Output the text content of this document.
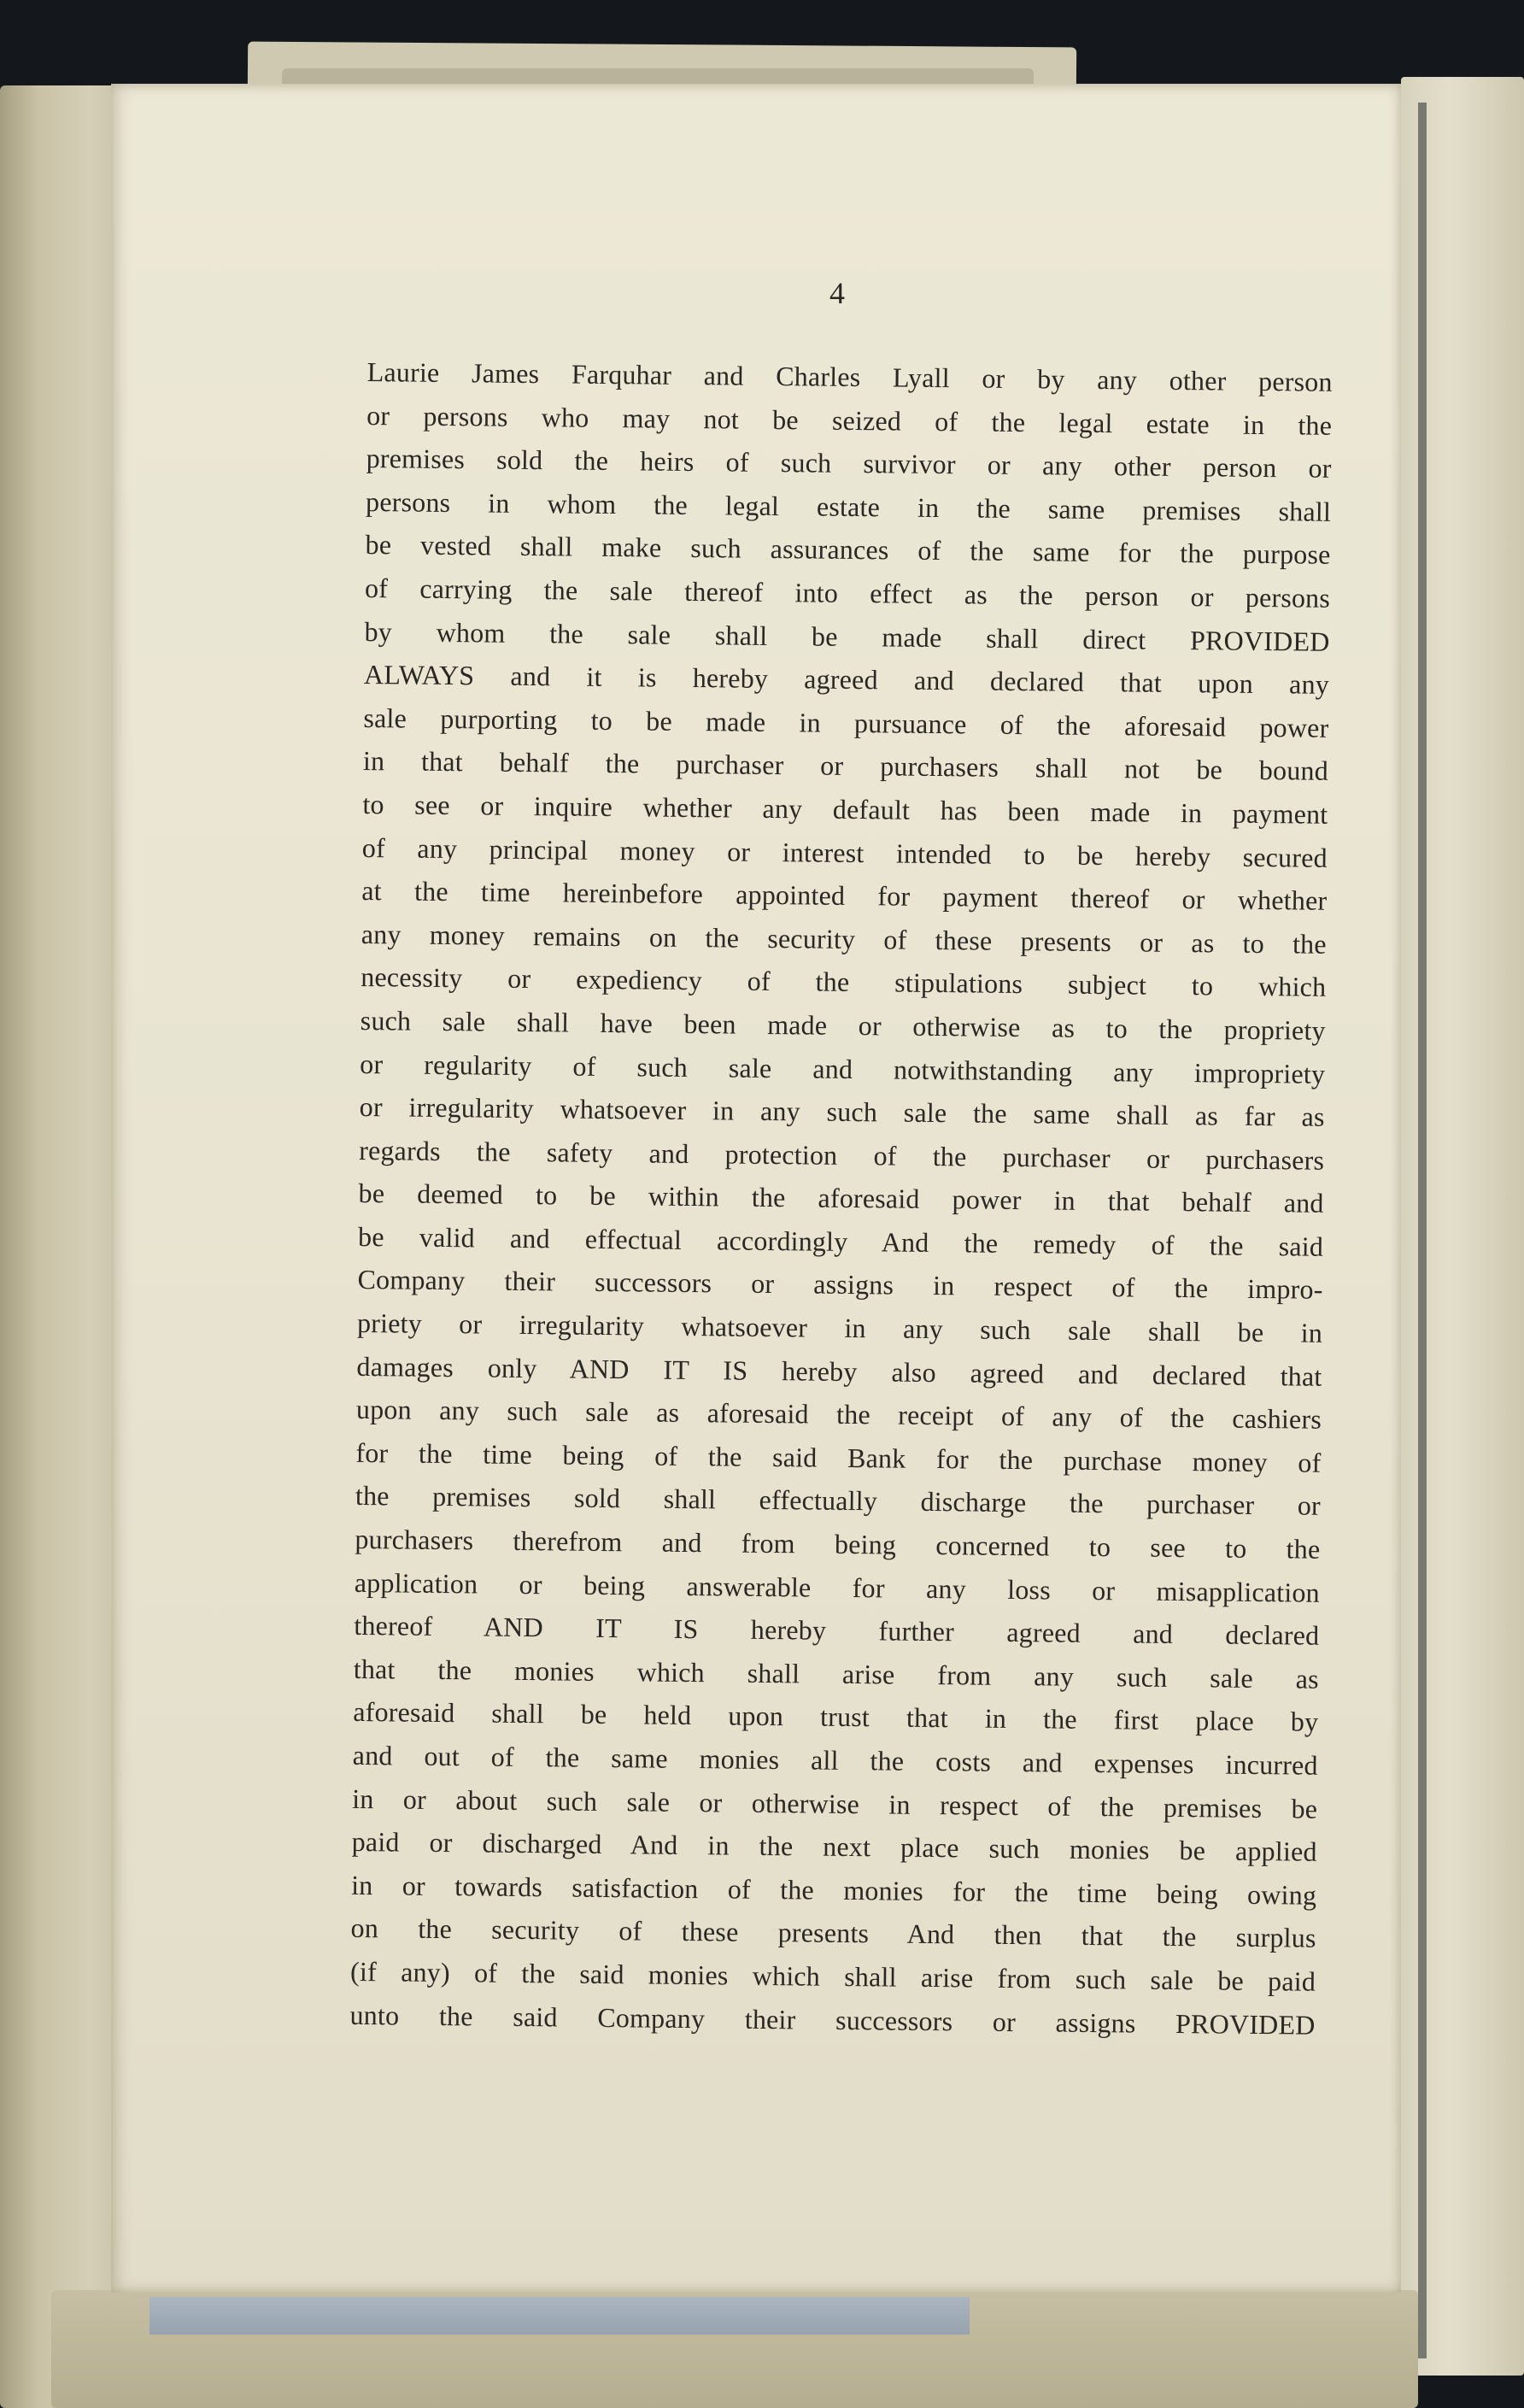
4
Laurie James Farquhar and Charles Lyall or by any other person
or persons who may not be seized of the legal estate in the
premises sold the heirs of such survivor or any other person or
persons in whom the legal estate in the same premises shall
be vested shall make such assurances of the same for the purpose
of carrying the sale thereof into effect as the person or persons
by whom the sale shall be made shall direct PROVIDED
ALWAYS and it is hereby agreed and declared that upon any
sale purporting to be made in pursuance of the aforesaid power
in that behalf the purchaser or purchasers shall not be bound
to see or inquire whether any default has been made in payment
of any principal money or interest intended to be hereby secured
at the time hereinbefore appointed for payment thereof or whether
any money remains on the security of these presents or as to the
necessity or expediency of the stipulations subject to which
such sale shall have been made or otherwise as to the propriety
or regularity of such sale and notwithstanding any impropriety
or irregularity whatsoever in any such sale the same shall as far as
regards the safety and protection of the purchaser or purchasers
be deemed to be within the aforesaid power in that behalf and
be valid and effectual accordingly And the remedy of the said
Company their successors or assigns in respect of the impro-
priety or irregularity whatsoever in any such sale shall be in
damages only AND IT IS hereby also agreed and declared that
upon any such sale as aforesaid the receipt of any of the cashiers
for the time being of the said Bank for the purchase money of
the premises sold shall effectually discharge the purchaser or
purchasers therefrom and from being concerned to see to the
application or being answerable for any loss or misapplication
thereof AND IT IS hereby further agreed and declared
that the monies which shall arise from any such sale as
aforesaid shall be held upon trust that in the first place by
and out of the same monies all the costs and expenses incurred
in or about such sale or otherwise in respect of the premises be
paid or discharged And in the next place such monies be applied
in or towards satisfaction of the monies for the time being owing
on the security of these presents And then that the surplus
(if any) of the said monies which shall arise from such sale be paid
unto the said Company their successors or assigns PROVIDED
